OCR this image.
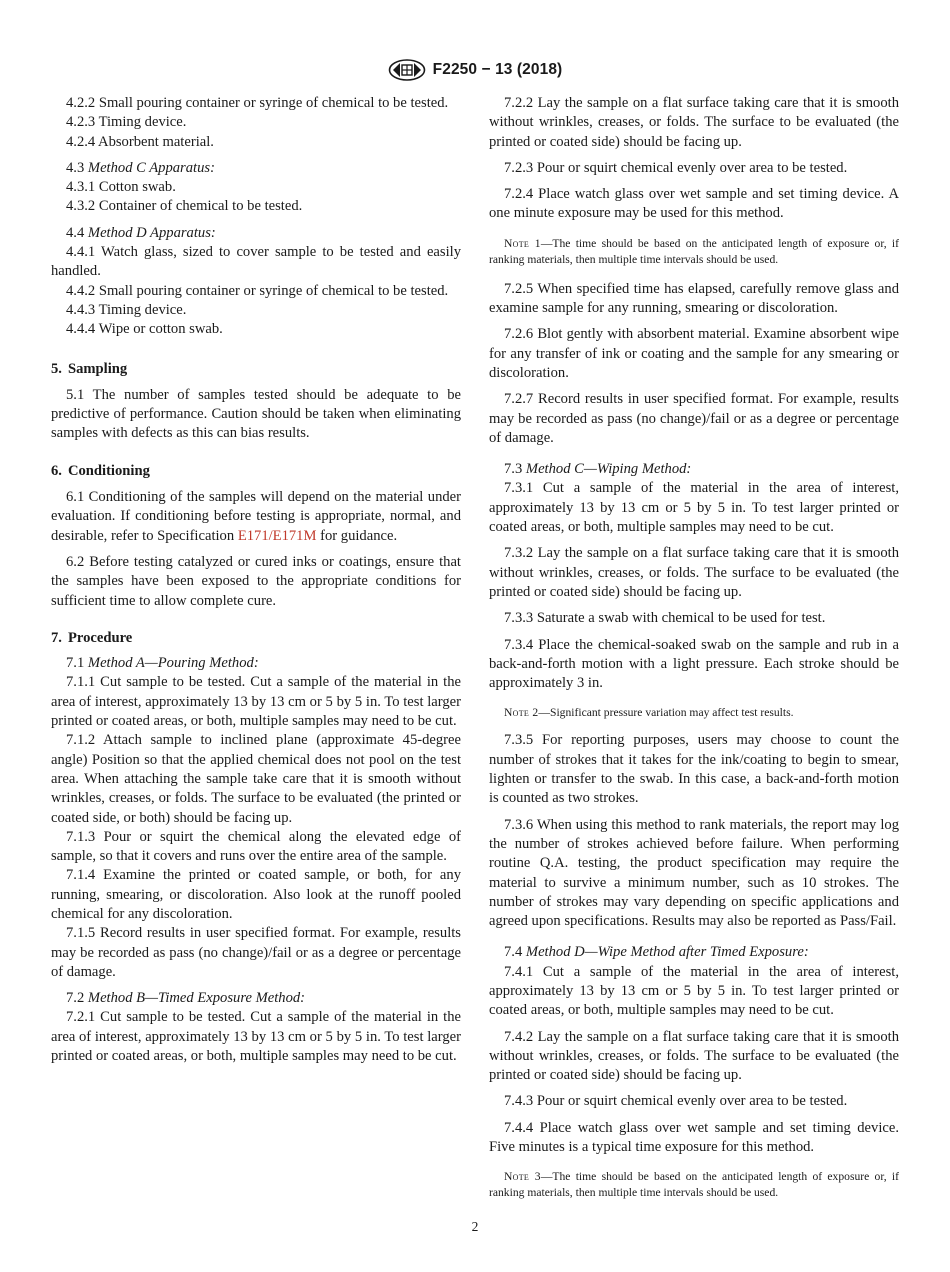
F2250 − 13 (2018)

4.2.2 Small pouring container or syringe of chemical to be tested.

4.2.3 Timing device.

4.2.4 Absorbent material.

4.3 Method C Apparatus:

4.3.1 Cotton swab.

4.3.2 Container of chemical to be tested.

4.4 Method D Apparatus:

4.4.1 Watch glass, sized to cover sample to be tested and easily handled.

4.4.2 Small pouring container or syringe of chemical to be tested.

4.4.3 Timing device.

4.4.4 Wipe or cotton swab.

5. Sampling

5.1 The number of samples tested should be adequate to be predictive of performance. Caution should be taken when eliminating samples with defects as this can bias results.

6. Conditioning

6.1 Conditioning of the samples will depend on the material under evaluation. If conditioning before testing is appropriate, normal, and desirable, refer to Specification E171/E171M for guidance.

6.2 Before testing catalyzed or cured inks or coatings, ensure that the samples have been exposed to the appropriate conditions for sufficient time to allow complete cure.

7. Procedure

7.1 Method A—Pouring Method:

7.1.1 Cut sample to be tested. Cut a sample of the material in the area of interest, approximately 13 by 13 cm or 5 by 5 in. To test larger printed or coated areas, or both, multiple samples may need to be cut.

7.1.2 Attach sample to inclined plane (approximate 45-degree angle) Position so that the applied chemical does not pool on the test area. When attaching the sample take care that it is smooth without wrinkles, creases, or folds. The surface to be evaluated (the printed or coated side, or both) should be facing up.

7.1.3 Pour or squirt the chemical along the elevated edge of sample, so that it covers and runs over the entire area of the sample.

7.1.4 Examine the printed or coated sample, or both, for any running, smearing, or discoloration. Also look at the runoff pooled chemical for any discoloration.

7.1.5 Record results in user specified format. For example, results may be recorded as pass (no change)/fail or as a degree or percentage of damage.

7.2 Method B—Timed Exposure Method:

7.2.1 Cut sample to be tested. Cut a sample of the material in the area of interest, approximately 13 by 13 cm or 5 by 5 in. To test larger printed or coated areas, or both, multiple samples may need to be cut.

7.2.2 Lay the sample on a flat surface taking care that it is smooth without wrinkles, creases, or folds. The surface to be evaluated (the printed or coated side) should be facing up.

7.2.3 Pour or squirt chemical evenly over area to be tested.

7.2.4 Place watch glass over wet sample and set timing device. A one minute exposure may be used for this method.

Note 1—The time should be based on the anticipated length of exposure or, if ranking materials, then multiple time intervals should be used.

7.2.5 When specified time has elapsed, carefully remove glass and examine sample for any running, smearing or discoloration.

7.2.6 Blot gently with absorbent material. Examine absorbent wipe for any transfer of ink or coating and the sample for any smearing or discoloration.

7.2.7 Record results in user specified format. For example, results may be recorded as pass (no change)/fail or as a degree or percentage of damage.

7.3 Method C—Wiping Method:

7.3.1 Cut a sample of the material in the area of interest, approximately 13 by 13 cm or 5 by 5 in. To test larger printed or coated areas, or both, multiple samples may need to be cut.

7.3.2 Lay the sample on a flat surface taking care that it is smooth without wrinkles, creases, or folds. The surface to be evaluated (the printed or coated side) should be facing up.

7.3.3 Saturate a swab with chemical to be used for test.

7.3.4 Place the chemical-soaked swab on the sample and rub in a back-and-forth motion with a light pressure. Each stroke should be approximately 3 in.

Note 2—Significant pressure variation may affect test results.

7.3.5 For reporting purposes, users may choose to count the number of strokes that it takes for the ink/coating to begin to smear, lighten or transfer to the swab. In this case, a back-and-forth motion is counted as two strokes.

7.3.6 When using this method to rank materials, the report may log the number of strokes achieved before failure. When performing routine Q.A. testing, the product specification may require the material to survive a minimum number, such as 10 strokes. The number of strokes may vary depending on specific applications and agreed upon specifications. Results may also be reported as Pass/Fail.

7.4 Method D—Wipe Method after Timed Exposure:

7.4.1 Cut a sample of the material in the area of interest, approximately 13 by 13 cm or 5 by 5 in. To test larger printed or coated areas, or both, multiple samples may need to be cut.

7.4.2 Lay the sample on a flat surface taking care that it is smooth without wrinkles, creases, or folds. The surface to be evaluated (the printed or coated side) should be facing up.

7.4.3 Pour or squirt chemical evenly over area to be tested.

7.4.4 Place watch glass over wet sample and set timing device. Five minutes is a typical time exposure for this method.

Note 3—The time should be based on the anticipated length of exposure or, if ranking materials, then multiple time intervals should be used.

2
